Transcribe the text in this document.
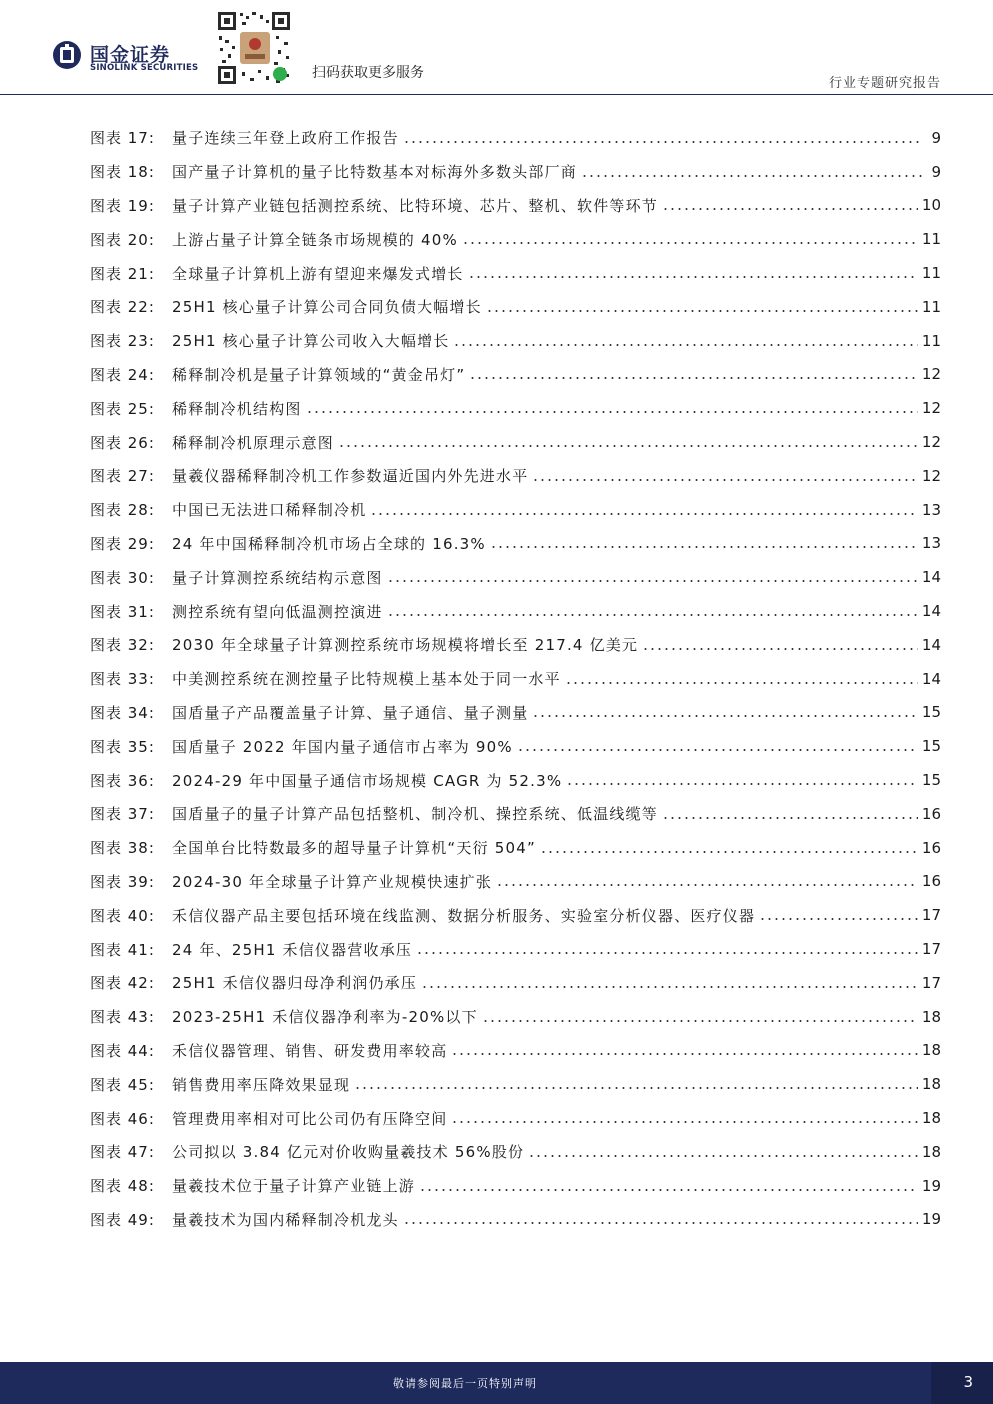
国金证券
SINOLINK SECURITIES	扫码获取更多服务
行业专题研究报告
图表 17:	量子连续三年登上政府工作报告	9
图表 18:	国产量子计算机的量子比特数基本对标海外多数头部厂商	9
图表 19:	量子计算产业链包括测控系统、比特环境、芯片、整机、软件等环节	10
图表 20:	上游占量子计算全链条市场规模的 40%	11
图表 21:	全球量子计算机上游有望迎来爆发式增长	11
图表 22:	25H1 核心量子计算公司合同负债大幅增长	11
图表 23:	25H1 核心量子计算公司收入大幅增长	11
图表 24:	稀释制冷机是量子计算领域的“黄金吊灯”	12
图表 25:	稀释制冷机结构图	12
图表 26:	稀释制冷机原理示意图	12
图表 27:	量羲仪器稀释制冷机工作参数逼近国内外先进水平	12
图表 28:	中国已无法进口稀释制冷机	13
图表 29:	24 年中国稀释制冷机市场占全球的 16.3%	13
图表 30:	量子计算测控系统结构示意图	14
图表 31:	测控系统有望向低温测控演进	14
图表 32:	2030 年全球量子计算测控系统市场规模将增长至 217.4 亿美元	14
图表 33:	中美测控系统在测控量子比特规模上基本处于同一水平	14
图表 34:	国盾量子产品覆盖量子计算、量子通信、量子测量	15
图表 35:	国盾量子 2022 年国内量子通信市占率为 90%	15
图表 36:	2024-29 年中国量子通信市场规模 CAGR 为 52.3%	15
图表 37:	国盾量子的量子计算产品包括整机、制冷机、操控系统、低温线缆等	16
图表 38:	全国单台比特数最多的超导量子计算机“天衍 504”	16
图表 39:	2024-30 年全球量子计算产业规模快速扩张	16
图表 40:	禾信仪器产品主要包括环境在线监测、数据分析服务、实验室分析仪器、医疗仪器	17
图表 41:	24 年、25H1 禾信仪器营收承压	17
图表 42:	25H1 禾信仪器归母净利润仍承压	17
图表 43:	2023-25H1 禾信仪器净利率为-20%以下	18
图表 44:	禾信仪器管理、销售、研发费用率较高	18
图表 45:	销售费用率压降效果显现	18
图表 46:	管理费用率相对可比公司仍有压降空间	18
图表 47:	公司拟以 3.84 亿元对价收购量羲技术 56%股份	18
图表 48:	量羲技术位于量子计算产业链上游	19
图表 49:	量羲技术为国内稀释制冷机龙头	19
敬请参阅最后一页特别声明	3
